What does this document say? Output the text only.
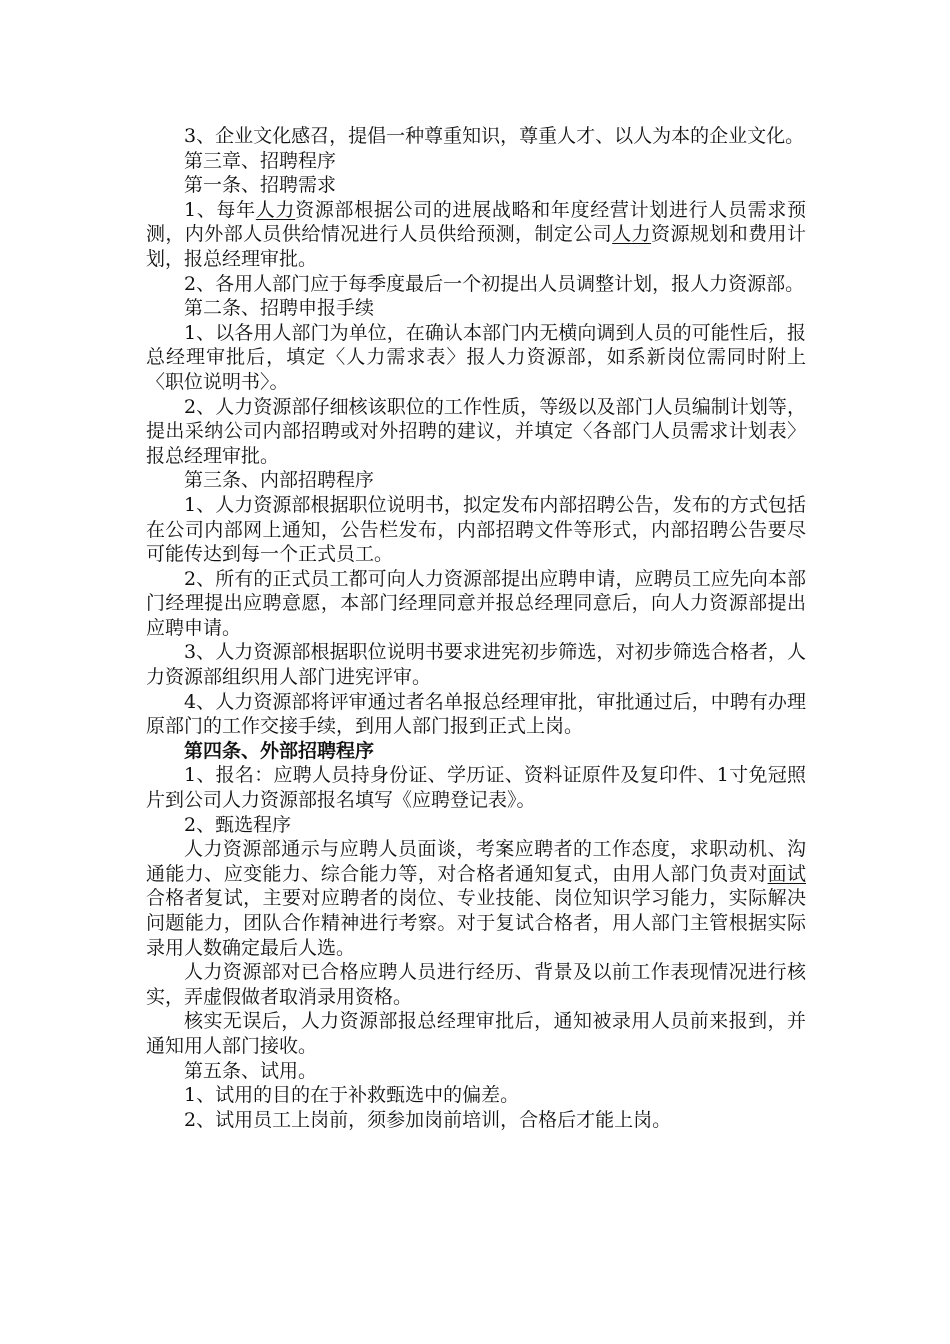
3、企业文化感召，提倡一种尊重知识，尊重人才、以人为本的企业文化。

第三章、招聘程序

第一条、招聘需求

1、每年人力资源部根据公司的进展战略和年度经营计划进行人员需求预测，内外部人员供给情况进行人员供给预测，制定公司人力资源规划和费用计划，报总经理审批。

2、各用人部门应于每季度最后一个初提出人员调整计划，报人力资源部。

第二条、招聘申报手续

1、以各用人部门为单位，在确认本部门内无横向调到人员的可能性后，报总经理审批后，填定〈人力需求表〉报人力资源部，如系新岗位需同时附上〈职位说明书〉。

2、人力资源部仔细核该职位的工作性质，等级以及部门人员编制计划等，提出采纳公司内部招聘或对外招聘的建议，并填定〈各部门人员需求计划表〉报总经理审批。

第三条、内部招聘程序

1、人力资源部根据职位说明书，拟定发布内部招聘公告，发布的方式包括在公司内部网上通知，公告栏发布，内部招聘文件等形式，内部招聘公告要尽可能传达到每一个正式员工。

2、所有的正式员工都可向人力资源部提出应聘申请，应聘员工应先向本部门经理提出应聘意愿，本部门经理同意并报总经理同意后，向人力资源部提出应聘申请。

3、人力资源部根据职位说明书要求进宪初步筛选，对初步筛选合格者，人力资源部组织用人部门进宪评审。

4、人力资源部将评审通过者名单报总经理审批，审批通过后，中聘有办理原部门的工作交接手续，到用人部门报到正式上岗。

第四条、外部招聘程序

1、报名：应聘人员持身份证、学历证、资料证原件及复印件、1寸免冠照片到公司人力资源部报名填写《应聘登记表》。

2、甄选程序

人力资源部通示与应聘人员面谈，考案应聘者的工作态度，求职动机、沟通能力、应变能力、综合能力等，对合格者通知复式，由用人部门负责对面试合格者复试，主要对应聘者的岗位、专业技能、岗位知识学习能力，实际解决问题能力，团队合作精神进行考察。对于复试合格者，用人部门主管根据实际录用人数确定最后人选。

人力资源部对已合格应聘人员进行经历、背景及以前工作表现情况进行核实，弄虚假做者取消录用资格。

核实无误后，人力资源部报总经理审批后，通知被录用人员前来报到，并通知用人部门接收。

第五条、试用。

1、试用的目的在于补救甄选中的偏差。

2、试用员工上岗前，须参加岗前培训，合格后才能上岗。
